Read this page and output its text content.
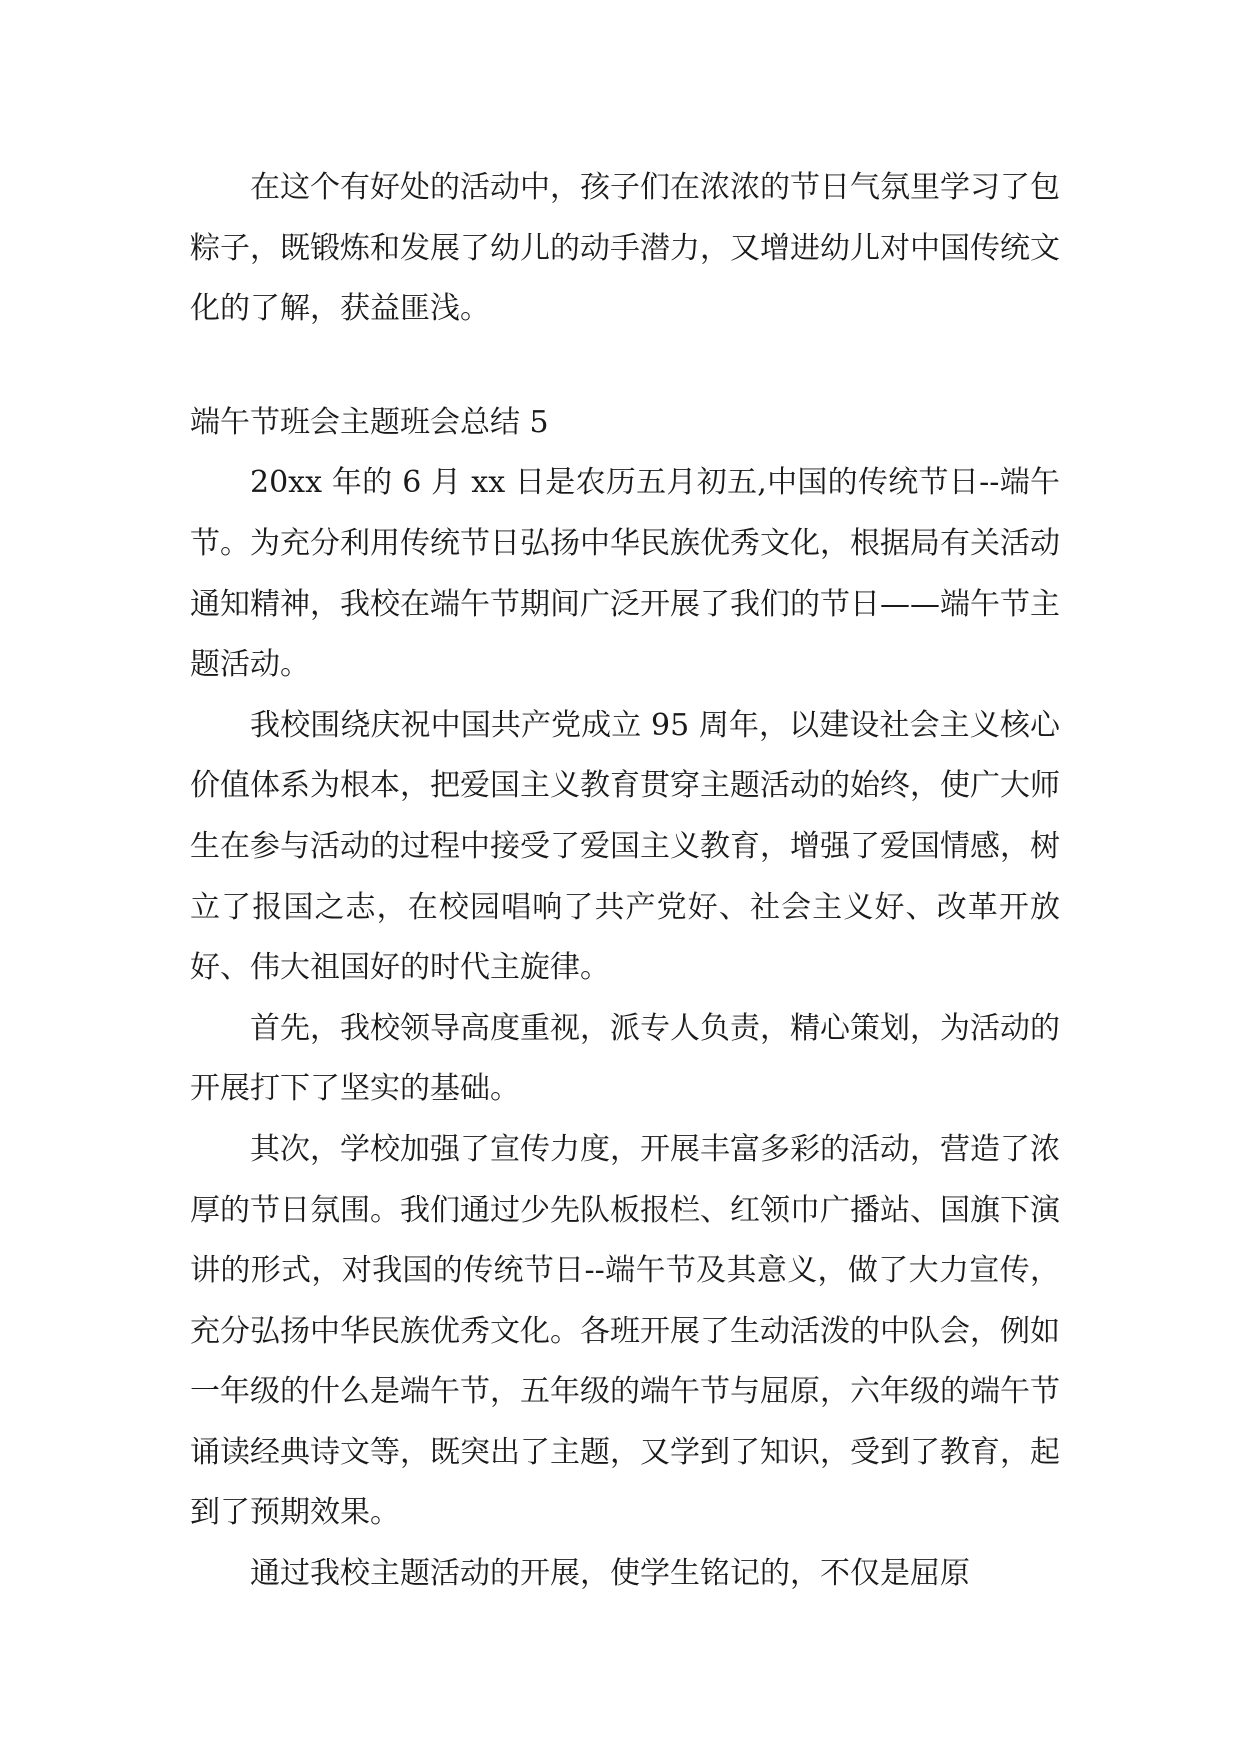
在这个有好处的活动中，孩子们在浓浓的节日气氛里学习了包粽子，既锻炼和发展了幼儿的动手潜力，又增进幼儿对中国传统文化的了解，获益匪浅。

端午节班会主题班会总结 5

20xx 年的 6 月 xx 日是农历五月初五,中国的传统节日--端午节。为充分利用传统节日弘扬中华民族优秀文化，根据局有关活动通知精神，我校在端午节期间广泛开展了我们的节日——端午节主题活动。

我校围绕庆祝中国共产党成立 95 周年，以建设社会主义核心价值体系为根本，把爱国主义教育贯穿主题活动的始终，使广大师生在参与活动的过程中接受了爱国主义教育，增强了爱国情感，树立了报国之志，在校园唱响了共产党好、社会主义好、改革开放好、伟大祖国好的时代主旋律。

首先，我校领导高度重视，派专人负责，精心策划，为活动的开展打下了坚实的基础。

其次，学校加强了宣传力度，开展丰富多彩的活动，营造了浓厚的节日氛围。我们通过少先队板报栏、红领巾广播站、国旗下演讲的形式，对我国的传统节日--端午节及其意义，做了大力宣传，充分弘扬中华民族优秀文化。各班开展了生动活泼的中队会，例如一年级的什么是端午节，五年级的端午节与屈原，六年级的端午节诵读经典诗文等，既突出了主题，又学到了知识，受到了教育，起到了预期效果。

通过我校主题活动的开展，使学生铭记的，不仅是屈原
